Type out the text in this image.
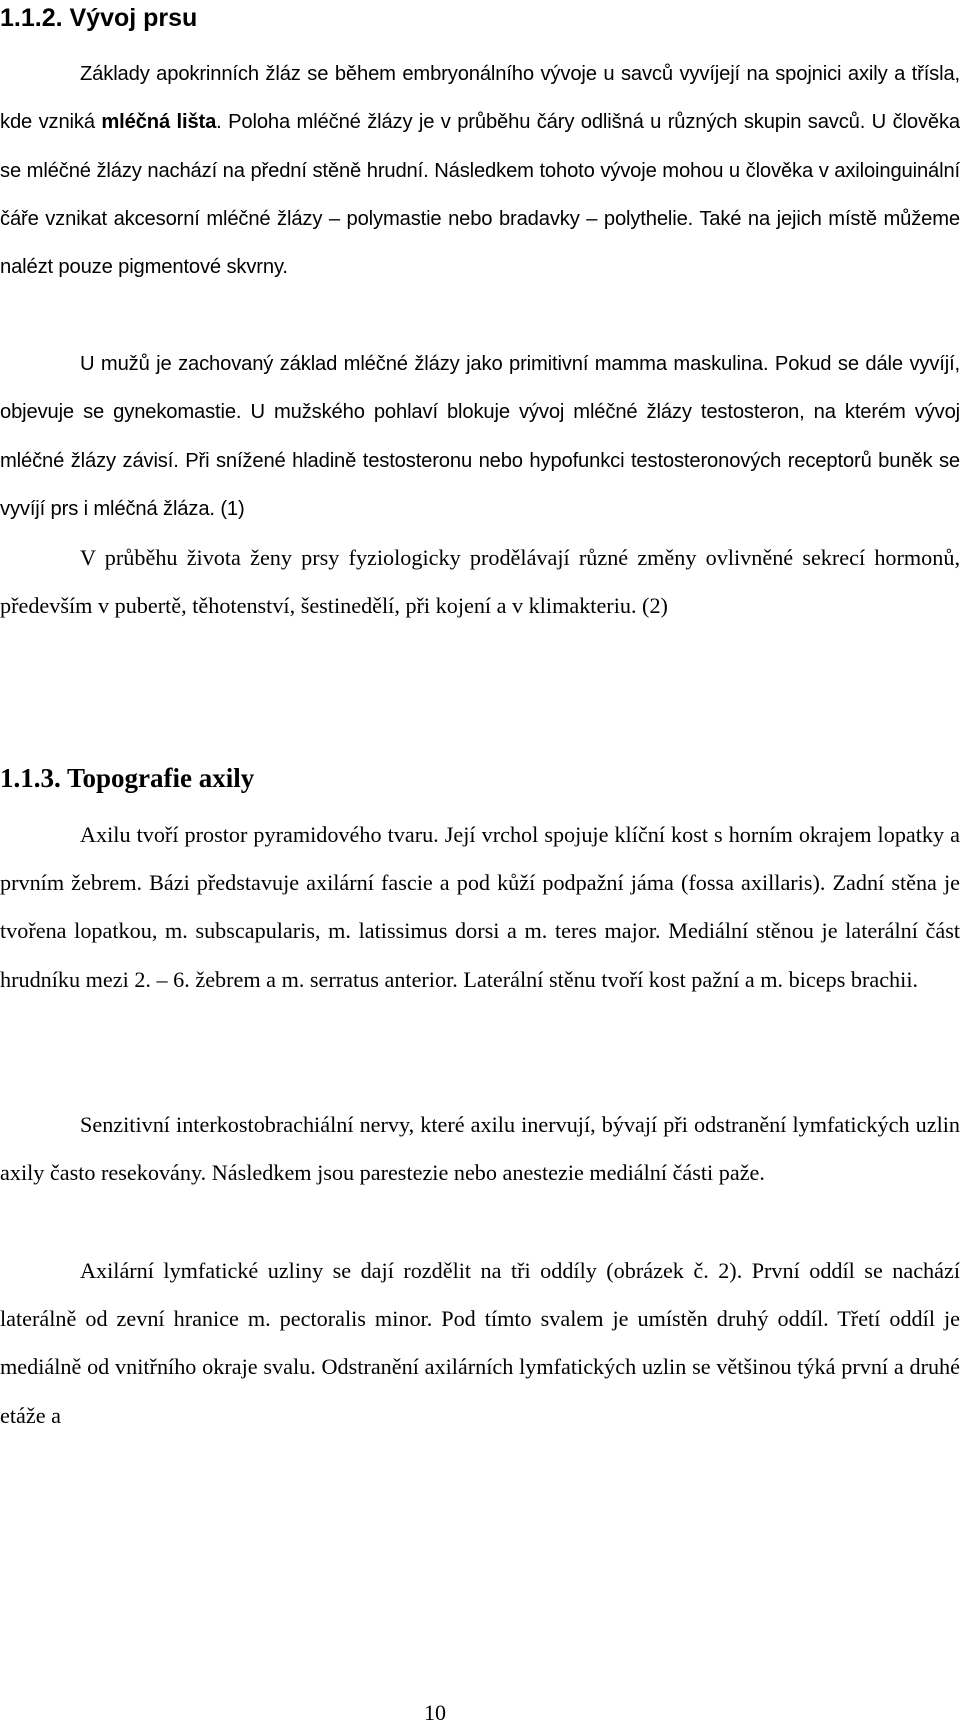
1.1.2. Vývoj prsu
Základy apokrinních žláz se během embryonálního vývoje u savců vyvíjejí na spojnici axily a třísla, kde vzniká mléčná lišta. Poloha mléčné žlázy je v průběhu čáry odlišná u různých skupin savců. U člověka se mléčné žlázy nachází na přední stěně hrudní. Následkem tohoto vývoje mohou u člověka v axiloinguinální čáře vznikat akcesorní mléčné žlázy – polymastie nebo bradavky – polythelie. Také na jejich místě můžeme nalézt pouze pigmentové skvrny.
U mužů je zachovaný základ mléčné žlázy jako primitivní mamma maskulina. Pokud se dále vyvíjí, objevuje se gynekomastie. U mužského pohlaví blokuje vývoj mléčné žlázy testosteron, na kterém vývoj mléčné žlázy závisí. Při snížené hladině testosteronu nebo hypofunkci testosteronových receptorů buněk se vyvíjí prs i mléčná žláza. (1)
V průběhu života ženy prsy fyziologicky prodělávají různé změny ovlivněné sekrecí hormonů, především v pubertě, těhotenství, šestinedělí, při kojení a v klimakteriu. (2)
1.1.3. Topografie axily
Axilu tvoří prostor pyramidového tvaru. Její vrchol spojuje klíční kost s horním okrajem lopatky a prvním žebrem. Bázi představuje axilární fascie a pod kůží podpažní jáma (fossa axillaris). Zadní stěna je tvořena lopatkou, m. subscapularis, m. latissimus dorsi a m. teres major. Mediální stěnou je laterální část hrudníku mezi 2. – 6. žebrem a m. serratus anterior. Laterální stěnu tvoří kost pažní a m. biceps brachii.
Senzitivní interkostobrachiální nervy, které axilu inervují, bývají při odstranění lymfatických uzlin axily často resekovány. Následkem jsou parestezie nebo anestezie mediální části paže.
Axilární lymfatické uzliny se dají rozdělit na tři oddíly (obrázek č. 2). První oddíl se nachází laterálně od zevní hranice m. pectoralis minor. Pod tímto svalem je umístěn druhý oddíl. Třetí oddíl je mediálně od vnitřního okraje svalu. Odstranění axilárních lymfatických uzlin se většinou týká první a druhé etáže a
10
